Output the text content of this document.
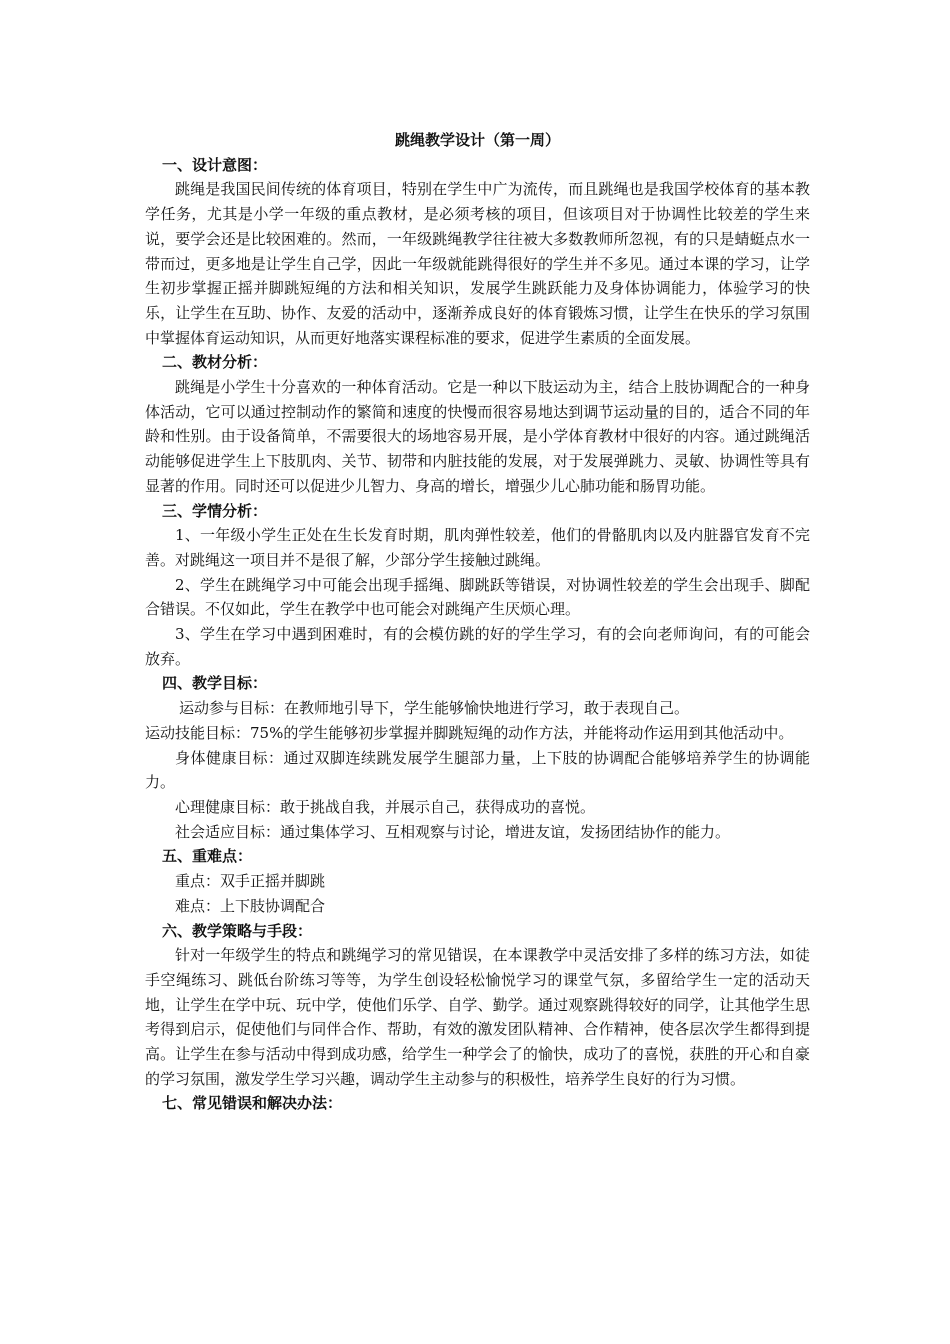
跳绳教学设计（第一周）

一、设计意图：

跳绳是我国民间传统的体育项目，特别在学生中广为流传，而且跳绳也是我国学校体育的基本教学任务，尤其是小学一年级的重点教材，是必须考核的项目，但该项目对于协调性比较差的学生来说，要学会还是比较困难的。然而，一年级跳绳教学往往被大多数教师所忽视，有的只是蜻蜓点水一带而过，更多地是让学生自己学，因此一年级就能跳得很好的学生并不多见。通过本课的学习，让学生初步掌握正摇并脚跳短绳的方法和相关知识，发展学生跳跃能力及身体协调能力，体验学习的快乐，让学生在互助、协作、友爱的活动中，逐渐养成良好的体育锻炼习惯，让学生在快乐的学习氛围中掌握体育运动知识，从而更好地落实课程标准的要求，促进学生素质的全面发展。

二、教材分析：

跳绳是小学生十分喜欢的一种体育活动。它是一种以下肢运动为主，结合上肢协调配合的一种身体活动，它可以通过控制动作的繁简和速度的快慢而很容易地达到调节运动量的目的，适合不同的年龄和性别。由于设备简单，不需要很大的场地容易开展，是小学体育教材中很好的内容。通过跳绳活动能够促进学生上下肢肌肉、关节、韧带和内脏技能的发展，对于发展弹跳力、灵敏、协调性等具有显著的作用。同时还可以促进少儿智力、身高的增长，增强少儿心肺功能和肠胃功能。

三、学情分析：

1、一年级小学生正处在生长发育时期，肌肉弹性较差，他们的骨骼肌肉以及内脏器官发育不完善。对跳绳这一项目并不是很了解，少部分学生接触过跳绳。

2、学生在跳绳学习中可能会出现手摇绳、脚跳跃等错误，对协调性较差的学生会出现手、脚配合错误。不仅如此，学生在教学中也可能会对跳绳产生厌烦心理。

3、学生在学习中遇到困难时，有的会模仿跳的好的学生学习，有的会向老师询问，有的可能会放弃。

四、教学目标：

运动参与目标：在教师地引导下，学生能够愉快地进行学习，敢于表现自己。

运动技能目标：75%的学生能够初步掌握并脚跳短绳的动作方法，并能将动作运用到其他活动中。

身体健康目标：通过双脚连续跳发展学生腿部力量，上下肢的协调配合能够培养学生的协调能力。

心理健康目标：敢于挑战自我，并展示自己，获得成功的喜悦。

社会适应目标：通过集体学习、互相观察与讨论，增进友谊，发扬团结协作的能力。

五、重难点：

重点：双手正摇并脚跳

难点：上下肢协调配合

六、教学策略与手段：

针对一年级学生的特点和跳绳学习的常见错误，在本课教学中灵活安排了多样的练习方法，如徒手空绳练习、跳低台阶练习等等，为学生创设轻松愉悦学习的课堂气氛，多留给学生一定的活动天地，让学生在学中玩、玩中学，使他们乐学、自学、勤学。通过观察跳得较好的同学，让其他学生思考得到启示，促使他们与同伴合作、帮助，有效的激发团队精神、合作精神，使各层次学生都得到提高。让学生在参与活动中得到成功感，给学生一种学会了的愉快，成功了的喜悦，获胜的开心和自豪的学习氛围，激发学生学习兴趣，调动学生主动参与的积极性，培养学生良好的行为习惯。

七、常见错误和解决办法：
